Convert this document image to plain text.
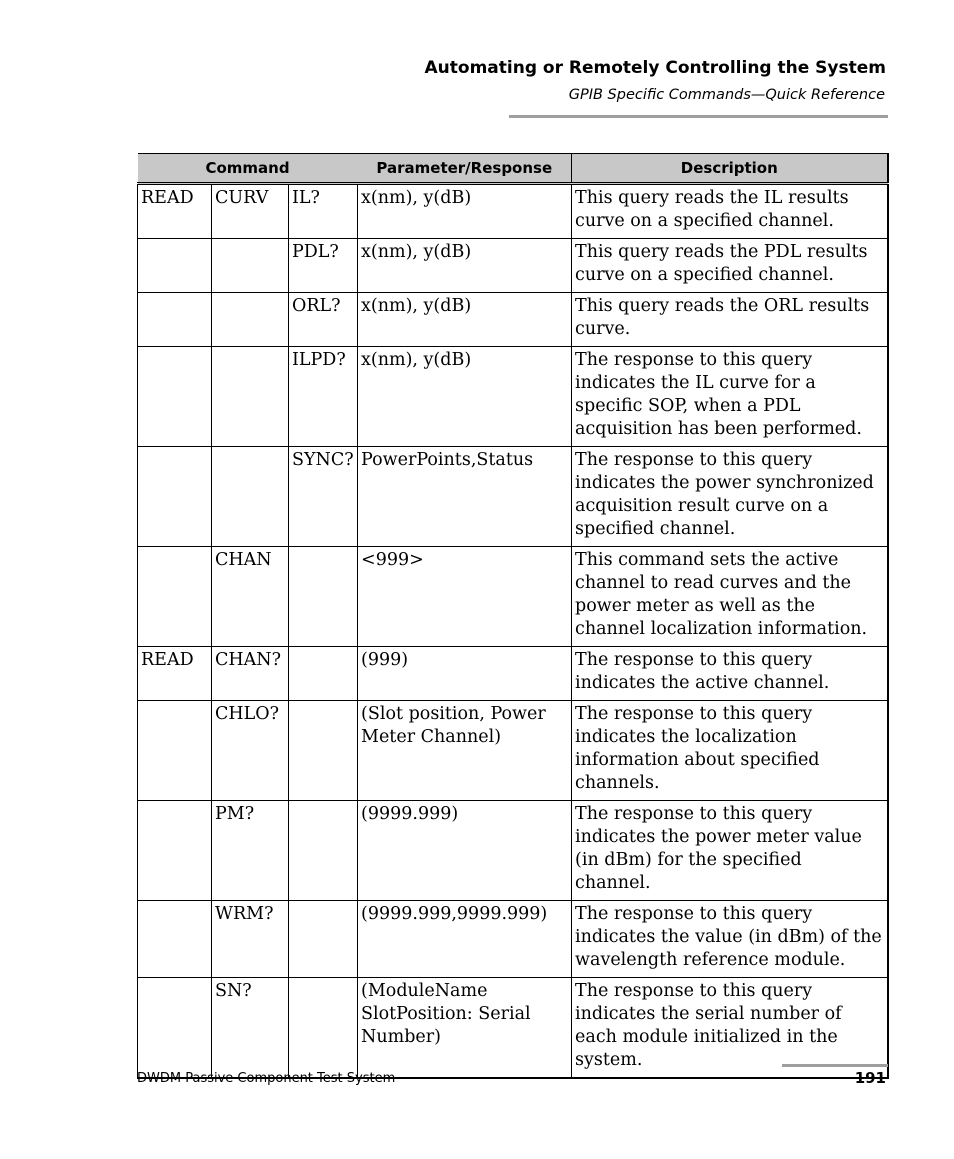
Automating or Remotely Controlling the System
GPIB Specific Commands—Quick Reference
Command			Parameter/Response	Description
READ	CURV	IL?	x(nm), y(dB)	This query reads the IL results curve on a specified channel.
		PDL?	x(nm), y(dB)	This query reads the PDL results curve on a specified channel.
		ORL?	x(nm), y(dB)	This query reads the ORL results curve.
		ILPD?	x(nm), y(dB)	The response to this query indicates the IL curve for a specific SOP, when a PDL acquisition has been performed.
		SYNC?	PowerPoints,Status	The response to this query indicates the power synchronized acquisition result curve on a specified channel.
	CHAN		<999>	This command sets the active channel to read curves and the power meter as well as the channel localization information.
READ	CHAN?		(999)	The response to this query indicates the active channel.
	CHLO?		(Slot position, Power Meter Channel)	The response to this query indicates the localization information about specified channels.
	PM?		(9999.999)	The response to this query indicates the power meter value (in dBm) for the specified channel.
	WRM?		(9999.999,9999.999)	The response to this query indicates the value (in dBm) of the wavelength reference module.
	SN?		(ModuleName SlotPosition: Serial Number)	The response to this query indicates the serial number of each module initialized in the system.
DWDM Passive Component Test System	191
